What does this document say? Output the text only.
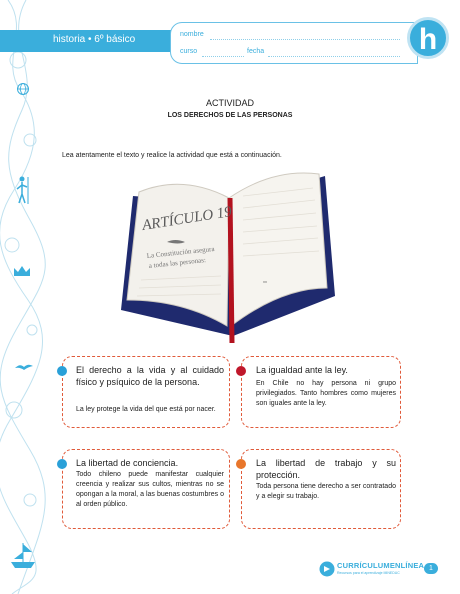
historia • 6º básico	nombre
curso	fecha	h
ACTIVIDAD
LOS DERECHOS DE LAS PERSONAS
Lea atentamente el texto y realice la actividad que está a continuación.
ARTÍCULO 19
La Constitución asegura
a todas las personas:
xx
El derecho a la vida y al cuidado físico y psíquico de la persona.
La ley protege la vida del que está por nacer.
La igualdad ante la ley.
En Chile no hay persona ni grupo privilegiados. Tanto hombres como mujeres son iguales ante la ley.
La libertad de conciencia.
Todo chileno puede manifestar cualquier creencia y realizar sus cultos, mientras no se opongan a la moral, a las buenas costumbres o al orden público.
La libertad de trabajo y su protección.
Toda persona tiene derecho a ser contratado y a elegir su trabajo.
CURRÍCULUMENLÍNEA
Recursos para el aprendizaje MINEDUC
1
